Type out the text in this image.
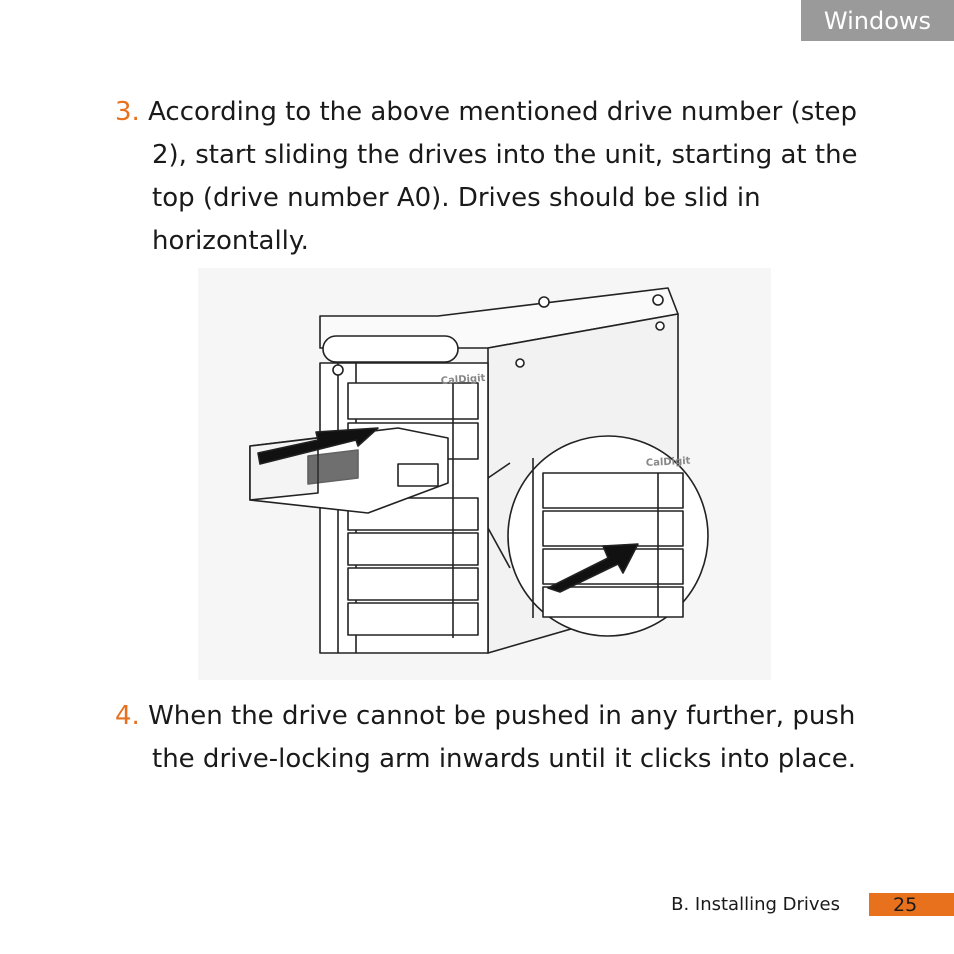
Windows
3. According to the above mentioned drive number (step 2), start sliding the drives into the unit, starting at the top (drive number A0). Drives should be slid in horizontally.
CalDigit
CalDigit
4. When the drive cannot be pushed in any further, push the drive-locking arm inwards until it clicks into place.
B. Installing Drives	25
